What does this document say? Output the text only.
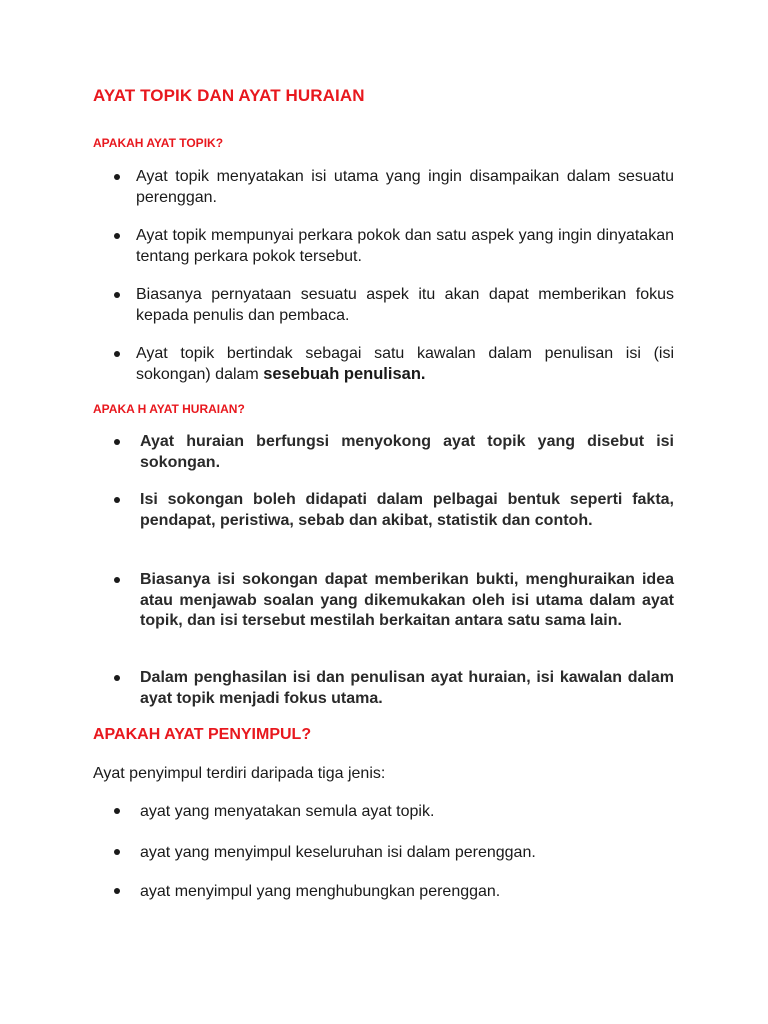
AYAT TOPIK DAN AYAT HURAIAN
APAKAH AYAT TOPIK?
Ayat topik menyatakan isi utama yang ingin disampaikan dalam sesuatu perenggan.
Ayat topik mempunyai perkara pokok dan satu aspek yang ingin dinyatakan tentang perkara pokok tersebut.
Biasanya pernyataan sesuatu aspek itu akan dapat memberikan fokus kepada penulis dan pembaca.
Ayat topik bertindak sebagai satu kawalan dalam penulisan isi (isi sokongan) dalam sesebuah penulisan.
APAKA H AYAT HURAIAN?
Ayat huraian berfungsi menyokong ayat topik yang disebut isi sokongan.
Isi sokongan boleh didapati dalam pelbagai bentuk seperti fakta, pendapat, peristiwa, sebab dan akibat, statistik dan contoh.
Biasanya isi sokongan dapat memberikan bukti, menghuraikan idea atau menjawab soalan yang dikemukakan oleh isi utama dalam ayat topik, dan isi tersebut mestilah berkaitan antara satu sama lain.
Dalam penghasilan isi dan penulisan ayat huraian, isi kawalan dalam ayat topik menjadi fokus utama.
APAKAH AYAT PENYIMPUL?

Ayat penyimpul terdiri daripada tiga jenis:

ayat yang menyatakan semula ayat topik.
ayat yang menyimpul keseluruhan isi dalam perenggan.
ayat menyimpul yang menghubungkan perenggan.
